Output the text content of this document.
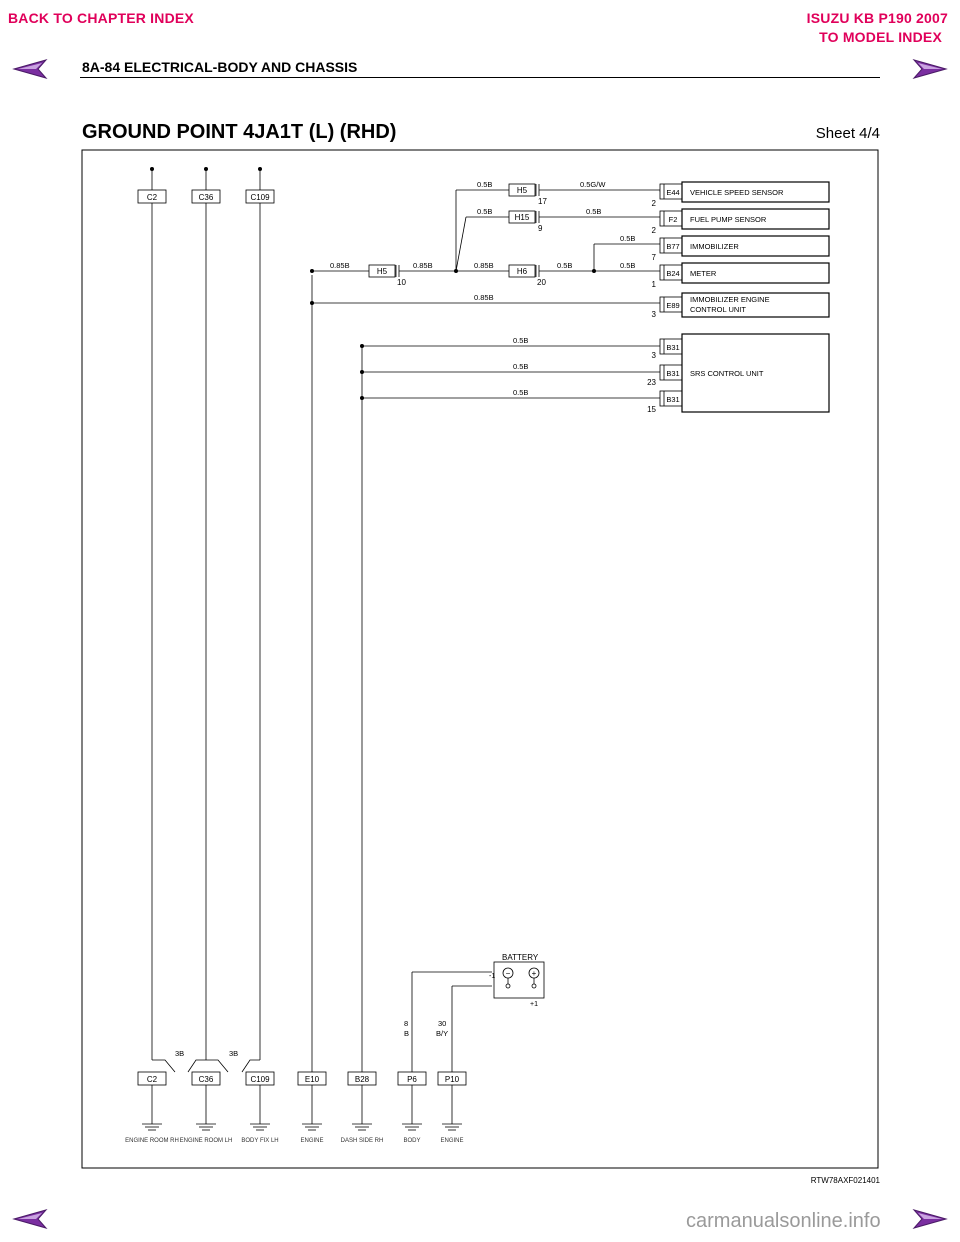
BACK TO CHAPTER INDEX	ISUZU KB P190 2007
TO MODEL INDEX
8A-84 ELECTRICAL-BODY AND CHASSIS
GROUND POINT 4JA1T (L) (RHD)	Sheet 4/4
C2	C36	C109
H5
H15
H5	H6
17
9
10	20
0.5B	0.5G/W
0.5B	0.5B
0.5B
0.85B	0.85B	0.85B	0.5B	0.5B
0.85B
0.5B
0.5B
0.5B
3B	3B
8
B
30
B/Y
E44
F2
B77
B24
E89
B31
B31
B31
2
2
7
1
3
3
23
15
VEHICLE SPEED SENSOR
FUEL PUMP SENSOR
IMMOBILIZER
METER
IMMOBILIZER ENGINE
CONTROL UNIT
SRS CONTROL UNIT
BATTERY
−	+
-1
+1
C2	C36	C109	E10	B28	P6	P10
ENGINE ROOM RH ENGINE ROOM LH BODY FIX LH	ENGINE	DASH SIDE RH	BODY	ENGINE
RTW78AXF021401
carmanualsonline.info
